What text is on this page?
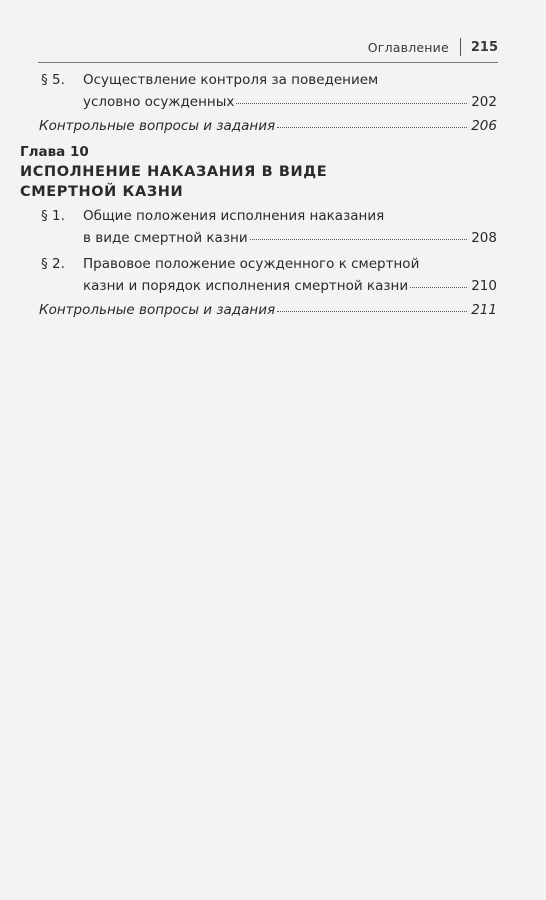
Оглавление 215
§ 5.	Осуществление контроля за поведением
условно осужденных	202
Контрольные вопросы и задания	206
Глава 10
ИСПОЛНЕНИЕ НАКАЗАНИЯ В ВИДЕ
СМЕРТНОЙ КАЗНИ
§ 1.	Общие положения исполнения наказания
в виде смертной казни	208
§ 2.	Правовое положение осужденного к смертной
казни и порядок исполнения смертной казни	210
Контрольные вопросы и задания	211
